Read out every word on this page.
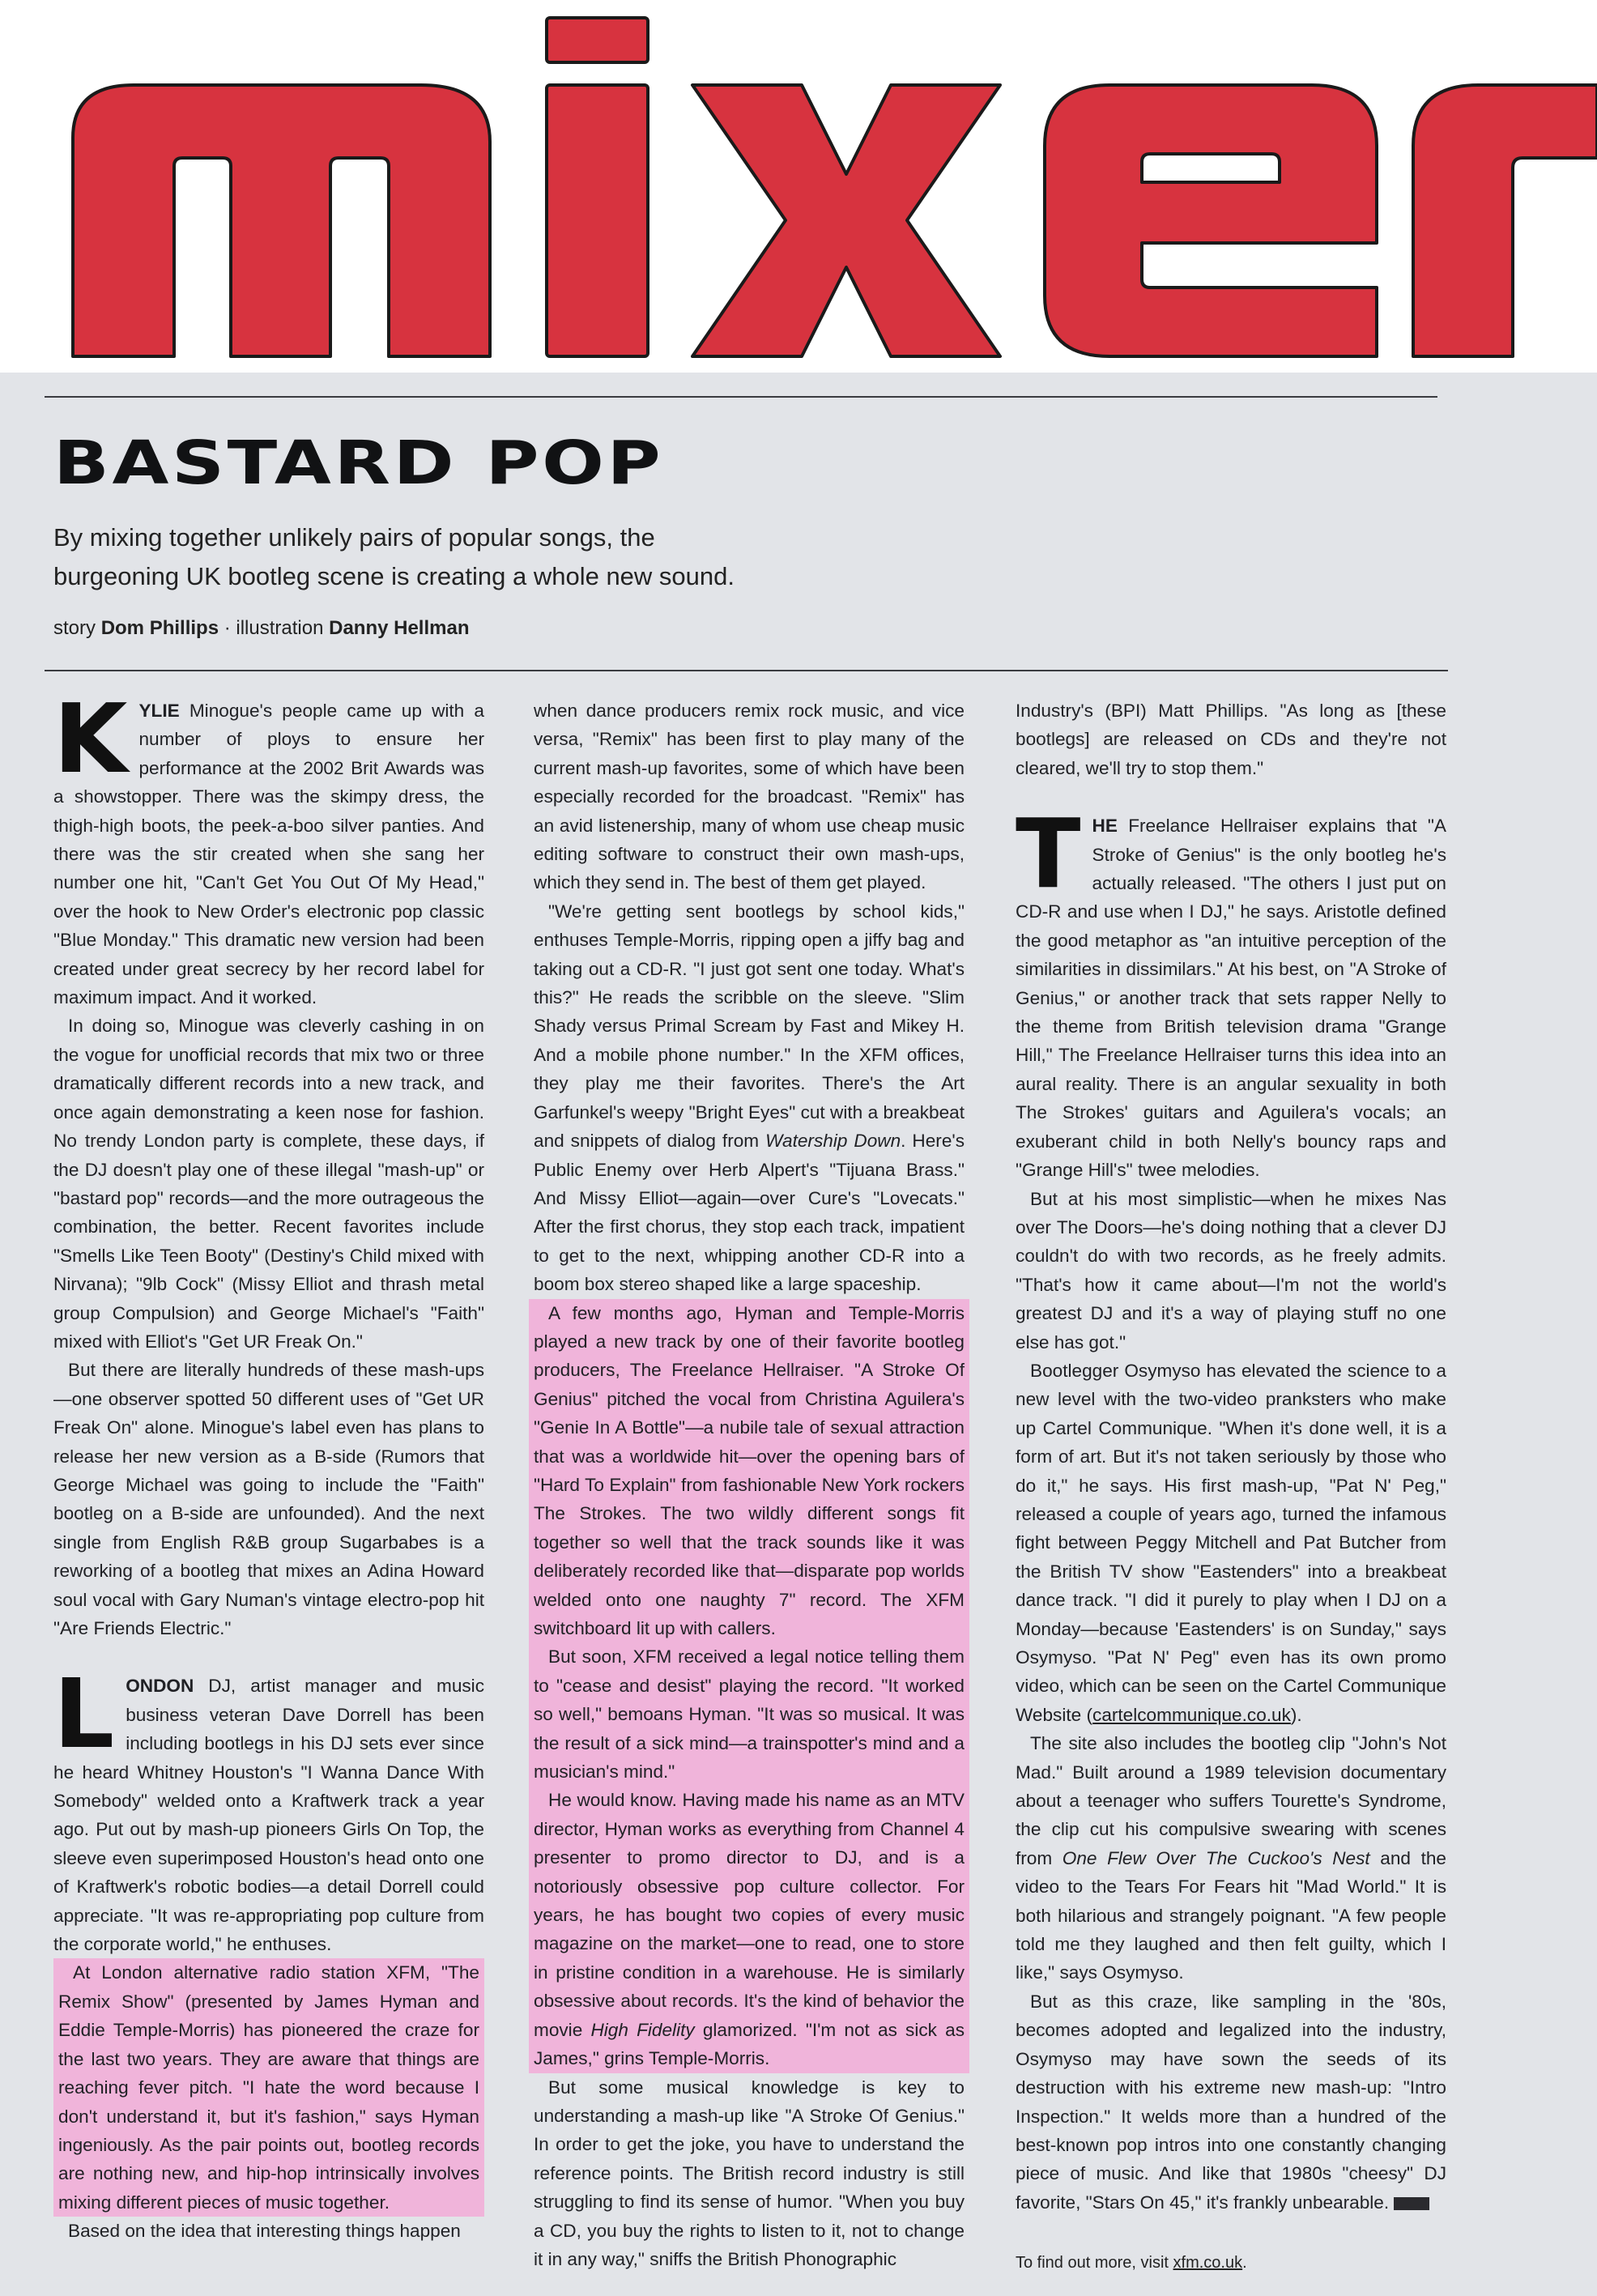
BASTARD POP

By mixing together unlikely pairs of popular songs, the burgeoning UK bootleg scene is creating a whole new sound.

story Dom Phillips · illustration Danny Hellman

KYLIE Minogue's people came up with a number of ploys to ensure her performance at the 2002 Brit Awards was a showstopper. There was the skimpy dress, the thigh-high boots, the peek-a-boo silver panties. And there was the stir created when she sang her number one hit, "Can't Get You Out Of My Head," over the hook to New Order's electronic pop classic "Blue Monday." This dramatic new version had been created under great secrecy by her record label for maximum impact. And it worked.

In doing so, Minogue was cleverly cashing in on the vogue for unofficial records that mix two or three dramatically different records into a new track, and once again demonstrating a keen nose for fashion. No trendy London party is complete, these days, if the DJ doesn't play one of these illegal "mash-up" or "bastard pop" records—and the more outrageous the combination, the better. Recent favorites include "Smells Like Teen Booty" (Destiny's Child mixed with Nirvana); "9lb Cock" (Missy Elliot and thrash metal group Compulsion) and George Michael's "Faith" mixed with Elliot's "Get UR Freak On."

But there are literally hundreds of these mash-ups—one observer spotted 50 different uses of "Get UR Freak On" alone. Minogue's label even has plans to release her new version as a B-side (Rumors that George Michael was going to include the "Faith" bootleg on a B-side are unfounded). And the next single from English R&B group Sugarbabes is a reworking of a bootleg that mixes an Adina Howard soul vocal with Gary Numan's vintage electro-pop hit "Are Friends Electric."

LONDON DJ, artist manager and music business veteran Dave Dorrell has been including bootlegs in his DJ sets ever since he heard Whitney Houston's "I Wanna Dance With Somebody" welded onto a Kraftwerk track a year ago. Put out by mash-up pioneers Girls On Top, the sleeve even superimposed Houston's head onto one of Kraftwerk's robotic bodies—a detail Dorrell could appreciate. "It was re-appropriating pop culture from the corporate world," he enthuses.

At London alternative radio station XFM, "The Remix Show" (presented by James Hyman and Eddie Temple-Morris) has pioneered the craze for the last two years. They are aware that things are reaching fever pitch. "I hate the word because I don't understand it, but it's fashion," says Hyman ingeniously. As the pair points out, bootleg records are nothing new, and hip-hop intrinsically involves mixing different pieces of music together.

Based on the idea that interesting things happen

when dance producers remix rock music, and vice versa, "Remix" has been first to play many of the current mash-up favorites, some of which have been especially recorded for the broadcast. "Remix" has an avid listenership, many of whom use cheap music editing software to construct their own mash-ups, which they send in. The best of them get played.

"We're getting sent bootlegs by school kids," enthuses Temple-Morris, ripping open a jiffy bag and taking out a CD-R. "I just got sent one today. What's this?" He reads the scribble on the sleeve. "Slim Shady versus Primal Scream by Fast and Mikey H. And a mobile phone number." In the XFM offices, they play me their favorites. There's the Art Garfunkel's weepy "Bright Eyes" cut with a breakbeat and snippets of dialog from Watership Down. Here's Public Enemy over Herb Alpert's "Tijuana Brass." And Missy Elliot—again—over Cure's "Lovecats." After the first chorus, they stop each track, impatient to get to the next, whipping another CD-R into a boom box stereo shaped like a large spaceship.

A few months ago, Hyman and Temple-Morris played a new track by one of their favorite bootleg producers, The Freelance Hellraiser. "A Stroke Of Genius" pitched the vocal from Christina Aguilera's "Genie In A Bottle"—a nubile tale of sexual attraction that was a worldwide hit—over the opening bars of "Hard To Explain" from fashionable New York rockers The Strokes. The two wildly different songs fit together so well that the track sounds like it was deliberately recorded like that—disparate pop worlds welded onto one naughty 7" record. The XFM switchboard lit up with callers.

But soon, XFM received a legal notice telling them to "cease and desist" playing the record. "It worked so well," bemoans Hyman. "It was so musical. It was the result of a sick mind—a trainspotter's mind and a musician's mind."

He would know. Having made his name as an MTV director, Hyman works as everything from Channel 4 presenter to promo director to DJ, and is a notoriously obsessive pop culture collector. For years, he has bought two copies of every music magazine on the market—one to read, one to store in pristine condition in a warehouse. He is similarly obsessive about records. It's the kind of behavior the movie High Fidelity glamorized. "I'm not as sick as James," grins Temple-Morris.

But some musical knowledge is key to understanding a mash-up like "A Stroke Of Genius." In order to get the joke, you have to understand the reference points. The British record industry is still struggling to find its sense of humor. "When you buy a CD, you buy the rights to listen to it, not to change it in any way," sniffs the British Phonographic

Industry's (BPI) Matt Phillips. "As long as [these bootlegs] are released on CDs and they're not cleared, we'll try to stop them."

THE Freelance Hellraiser explains that "A Stroke of Genius" is the only bootleg he's actually released. "The others I just put on CD-R and use when I DJ," he says. Aristotle defined the good metaphor as "an intuitive perception of the similarities in dissimilars." At his best, on "A Stroke of Genius," or another track that sets rapper Nelly to the theme from British television drama "Grange Hill," The Freelance Hellraiser turns this idea into an aural reality. There is an angular sexuality in both The Strokes' guitars and Aguilera's vocals; an exuberant child in both Nelly's bouncy raps and "Grange Hill's" twee melodies.

But at his most simplistic—when he mixes Nas over The Doors—he's doing nothing that a clever DJ couldn't do with two records, as he freely admits. "That's how it came about—I'm not the world's greatest DJ and it's a way of playing stuff no one else has got."

Bootlegger Osymyso has elevated the science to a new level with the two-video pranksters who make up Cartel Communique. "When it's done well, it is a form of art. But it's not taken seriously by those who do it," he says. His first mash-up, "Pat N' Peg," released a couple of years ago, turned the infamous fight between Peggy Mitchell and Pat Butcher from the British TV show "Eastenders" into a breakbeat dance track. "I did it purely to play when I DJ on a Monday—because 'Eastenders' is on Sunday," says Osymyso. "Pat N' Peg" even has its own promo video, which can be seen on the Cartel Communique Website (cartelcommunique.co.uk).

The site also includes the bootleg clip "John's Not Mad." Built around a 1989 television documentary about a teenager who suffers Tourette's Syndrome, the clip cut his compulsive swearing with scenes from One Flew Over The Cuckoo's Nest and the video to the Tears For Fears hit "Mad World." It is both hilarious and strangely poignant. "A few people told me they laughed and then felt guilty, which I like," says Osymyso.

But as this craze, like sampling in the '80s, becomes adopted and legalized into the industry, Osymyso may have sown the seeds of its destruction with his extreme new mash-up: "Intro Inspection." It welds more than a hundred of the best-known pop intros into one constantly changing piece of music. And like that 1980s "cheesy" DJ favorite, "Stars On 45," it's frankly unbearable.

To find out more, visit xfm.co.uk.
